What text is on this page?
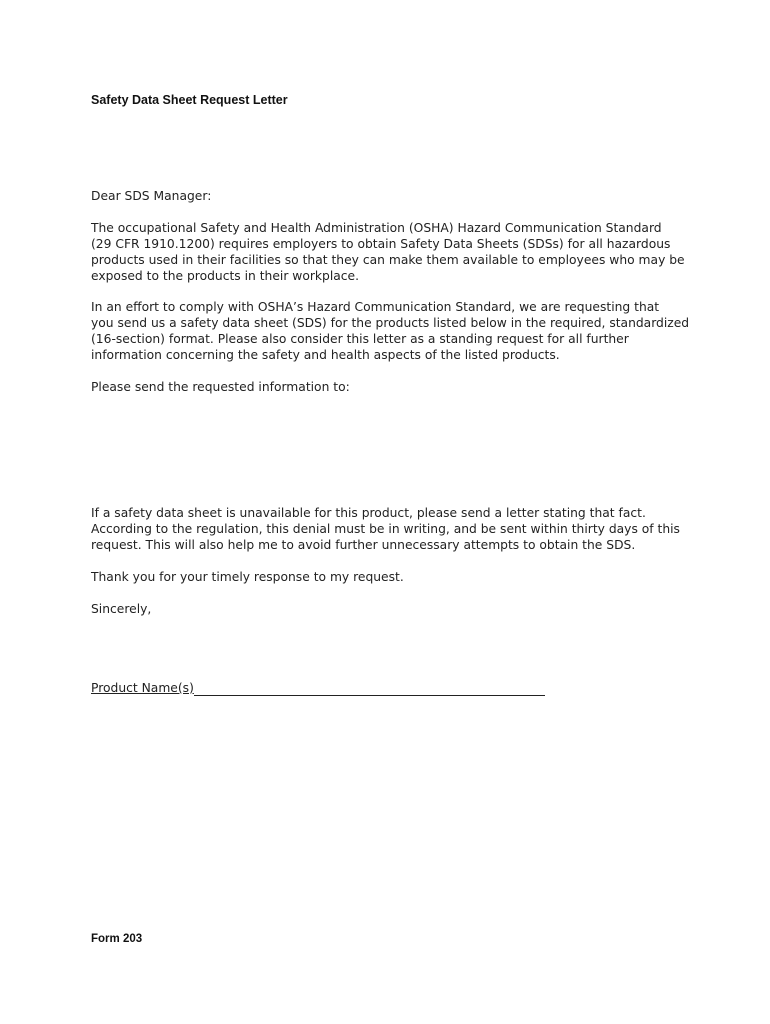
Safety Data Sheet Request Letter
Dear SDS Manager:
The occupational Safety and Health Administration (OSHA) Hazard Communication Standard
(29 CFR 1910.1200) requires employers to obtain Safety Data Sheets (SDSs) for all hazardous
products used in their facilities so that they can make them available to employees who may be
exposed to the products in their workplace.
In an effort to comply with OSHA’s Hazard Communication Standard, we are requesting that
you send us a safety data sheet (SDS) for the products listed below in the required, standardized
(16-section) format. Please also consider this letter as a standing request for all further
information concerning the safety and health aspects of the listed products.
Please send the requested information to:
If a safety data sheet is unavailable for this product, please send a letter stating that fact.
According to the regulation, this denial must be in writing, and be sent within thirty days of this
request. This will also help me to avoid further unnecessary attempts to obtain the SDS.
Thank you for your timely response to my request.
Sincerely,
Product Name(s)
Form 203
